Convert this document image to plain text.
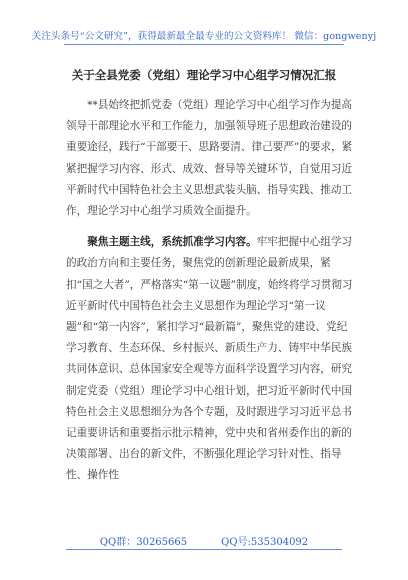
关注头条号“公文研究”，获得最新最全最专业的公文资料库！ 微信：gongwenyj
关于全县党委（党组）理论学习中心组学习情况汇报

**县始终把抓党委（党组）理论学习中心组学习作为提高领导干部理论水平和工作能力，加强领导班子思想政治建设的重要途径，践行“干部要干、思路要清、律己要严”的要求，紧紧把握学习内容、形式、成效、督导等关键环节，自觉用习近平新时代中国特色社会主义思想武装头脑、指导实践、推动工作，理论学习中心组学习质效全面提升。

聚焦主题主线，系统抓准学习内容。牢牢把握中心组学习的政治方向和主要任务，聚焦党的创新理论最新成果，紧扣“国之大者”，严格落实“第一议题”制度，始终将学习贯彻习近平新时代中国特色社会主义思想作为理论学习“第一议题”和“第一内容”，紧扣学习“最新篇”，聚焦党的建设、党纪学习教育、生态环保、乡村振兴、新质生产力、铸牢中华民族共同体意识、总体国家安全观等方面科学设置学习内容，研究制定党委（党组）理论学习中心组计划，把习近平新时代中国特色社会主义思想细分为各个专题，及时跟进学习习近平总书记重要讲话和重要指示批示精神，党中央和省州委作出的新的决策部署、出台的新文件，不断强化理论学习针对性、指导性、操作性

QQ群：30265665	QQ号:535304092
